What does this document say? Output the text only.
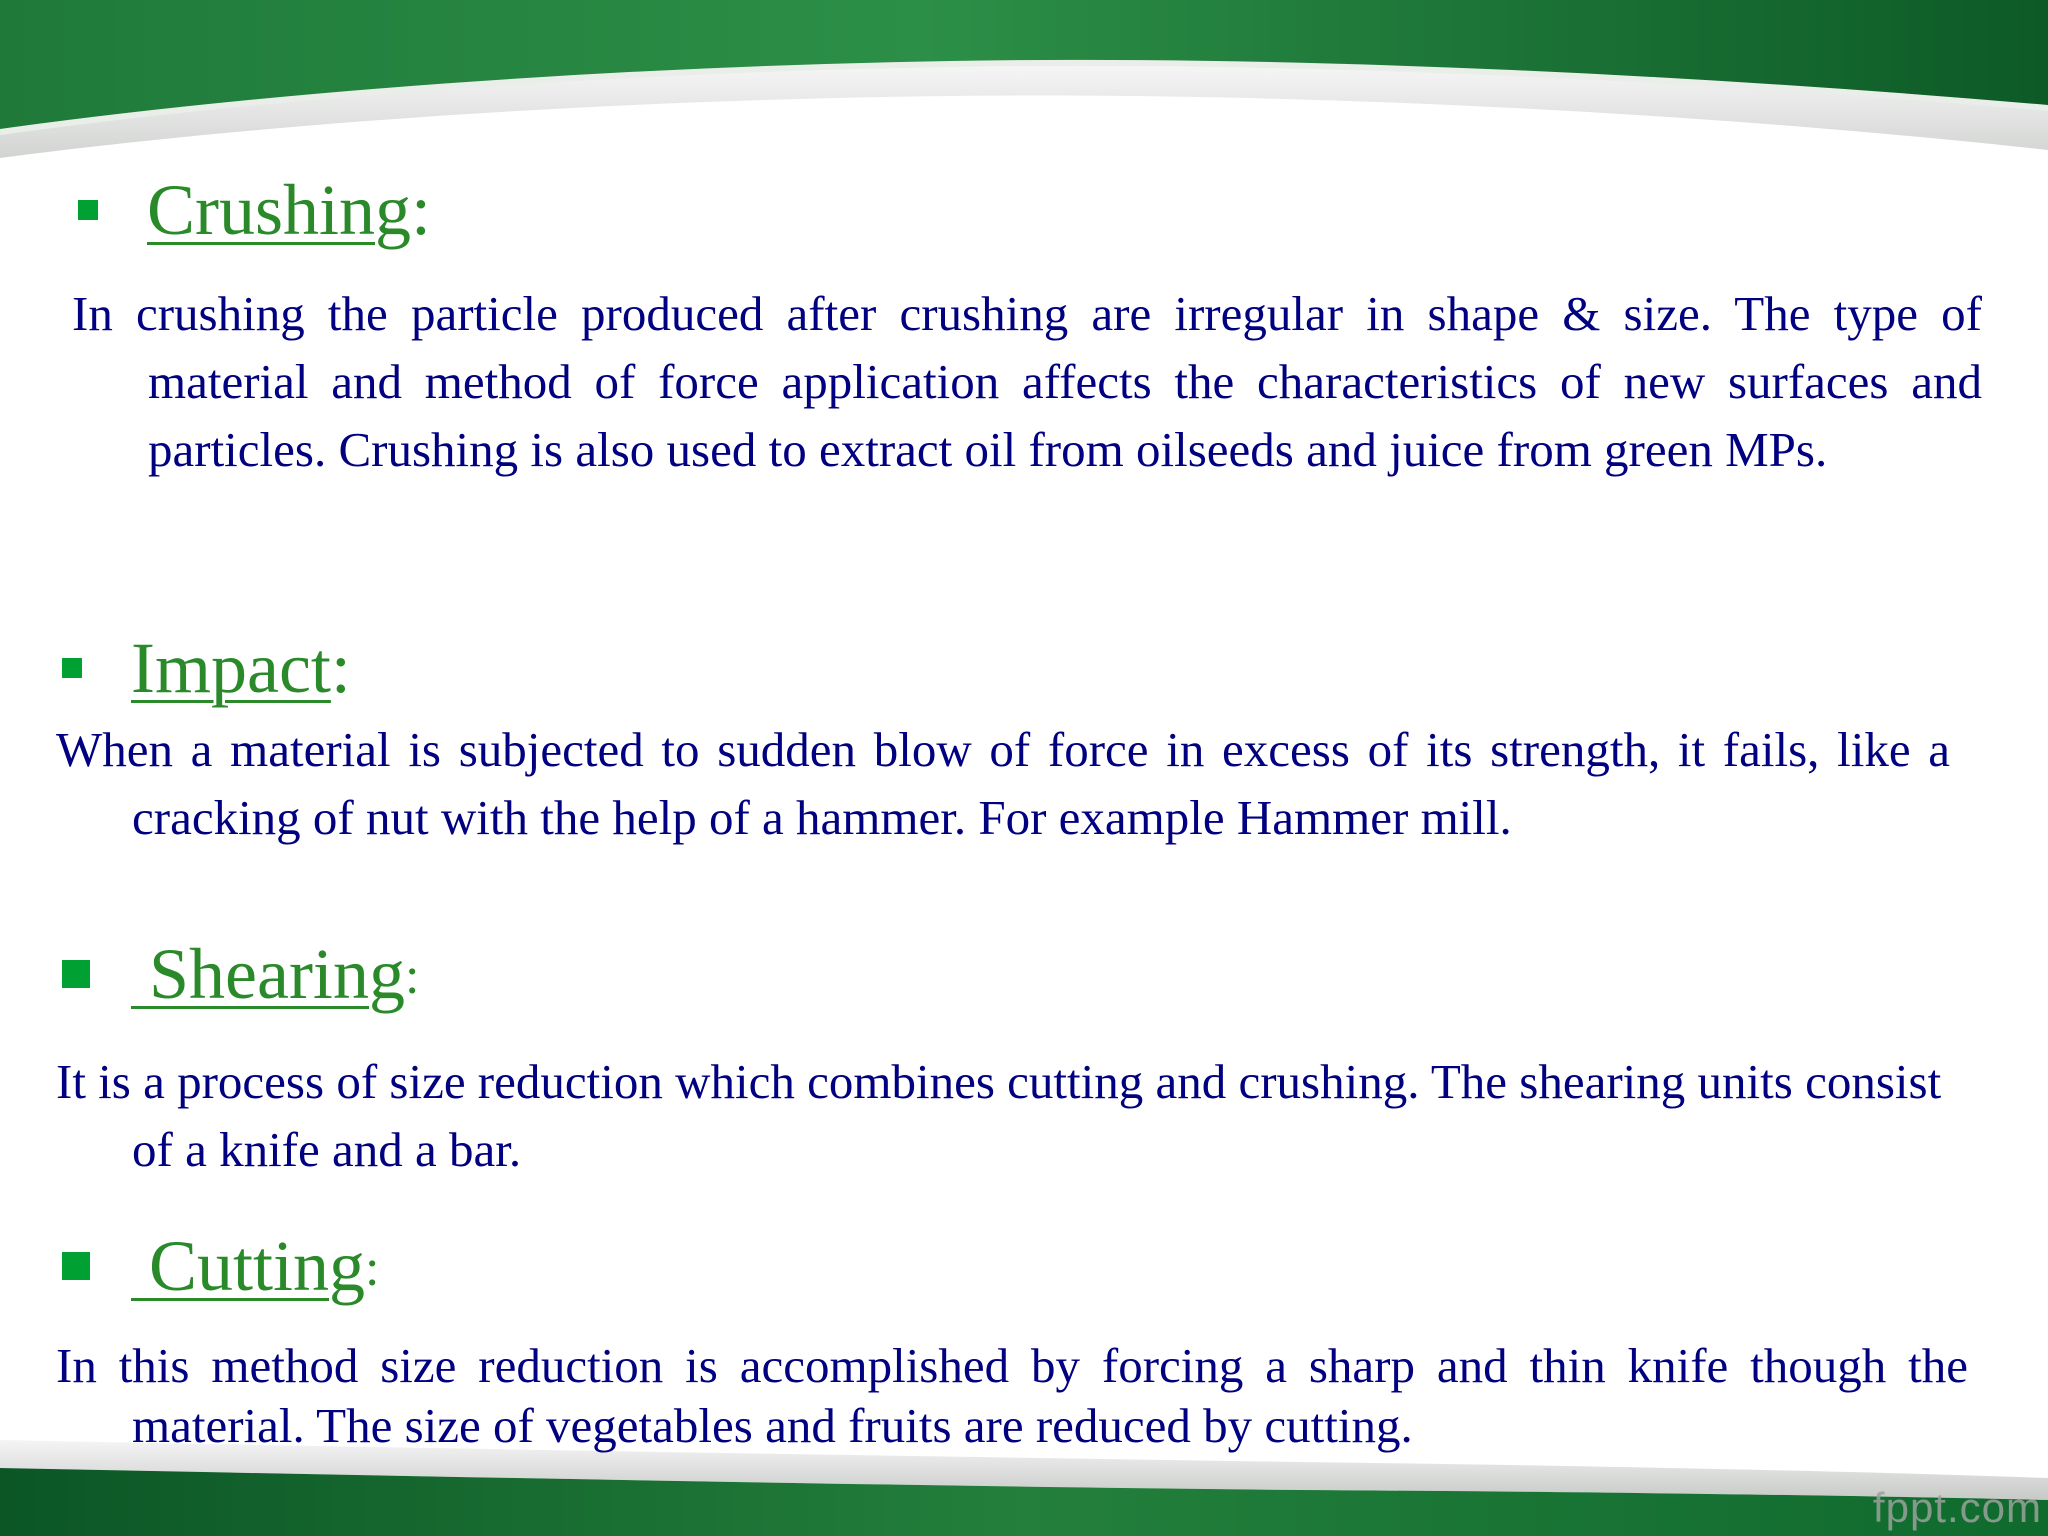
Crushing :

In crushing the particle produced after crushing are irregular in shape & size. The type of material and method of force application affects the characteristics of new surfaces and particles. Crushing is also used to extract oil from oilseeds and juice from green MPs.

Impact :

When a material is subjected to sudden blow of force in excess of its strength, it fails, like a cracking of nut with the help of a hammer. For example Hammer mill.

Shearing :

It is a process of size reduction which combines cutting and crushing. The shearing units consist of a knife and a bar.

Cutting :

In this method size reduction is accomplished by forcing a sharp and thin knife though the material. The size of vegetables and fruits are reduced by cutting.

fppt.com
